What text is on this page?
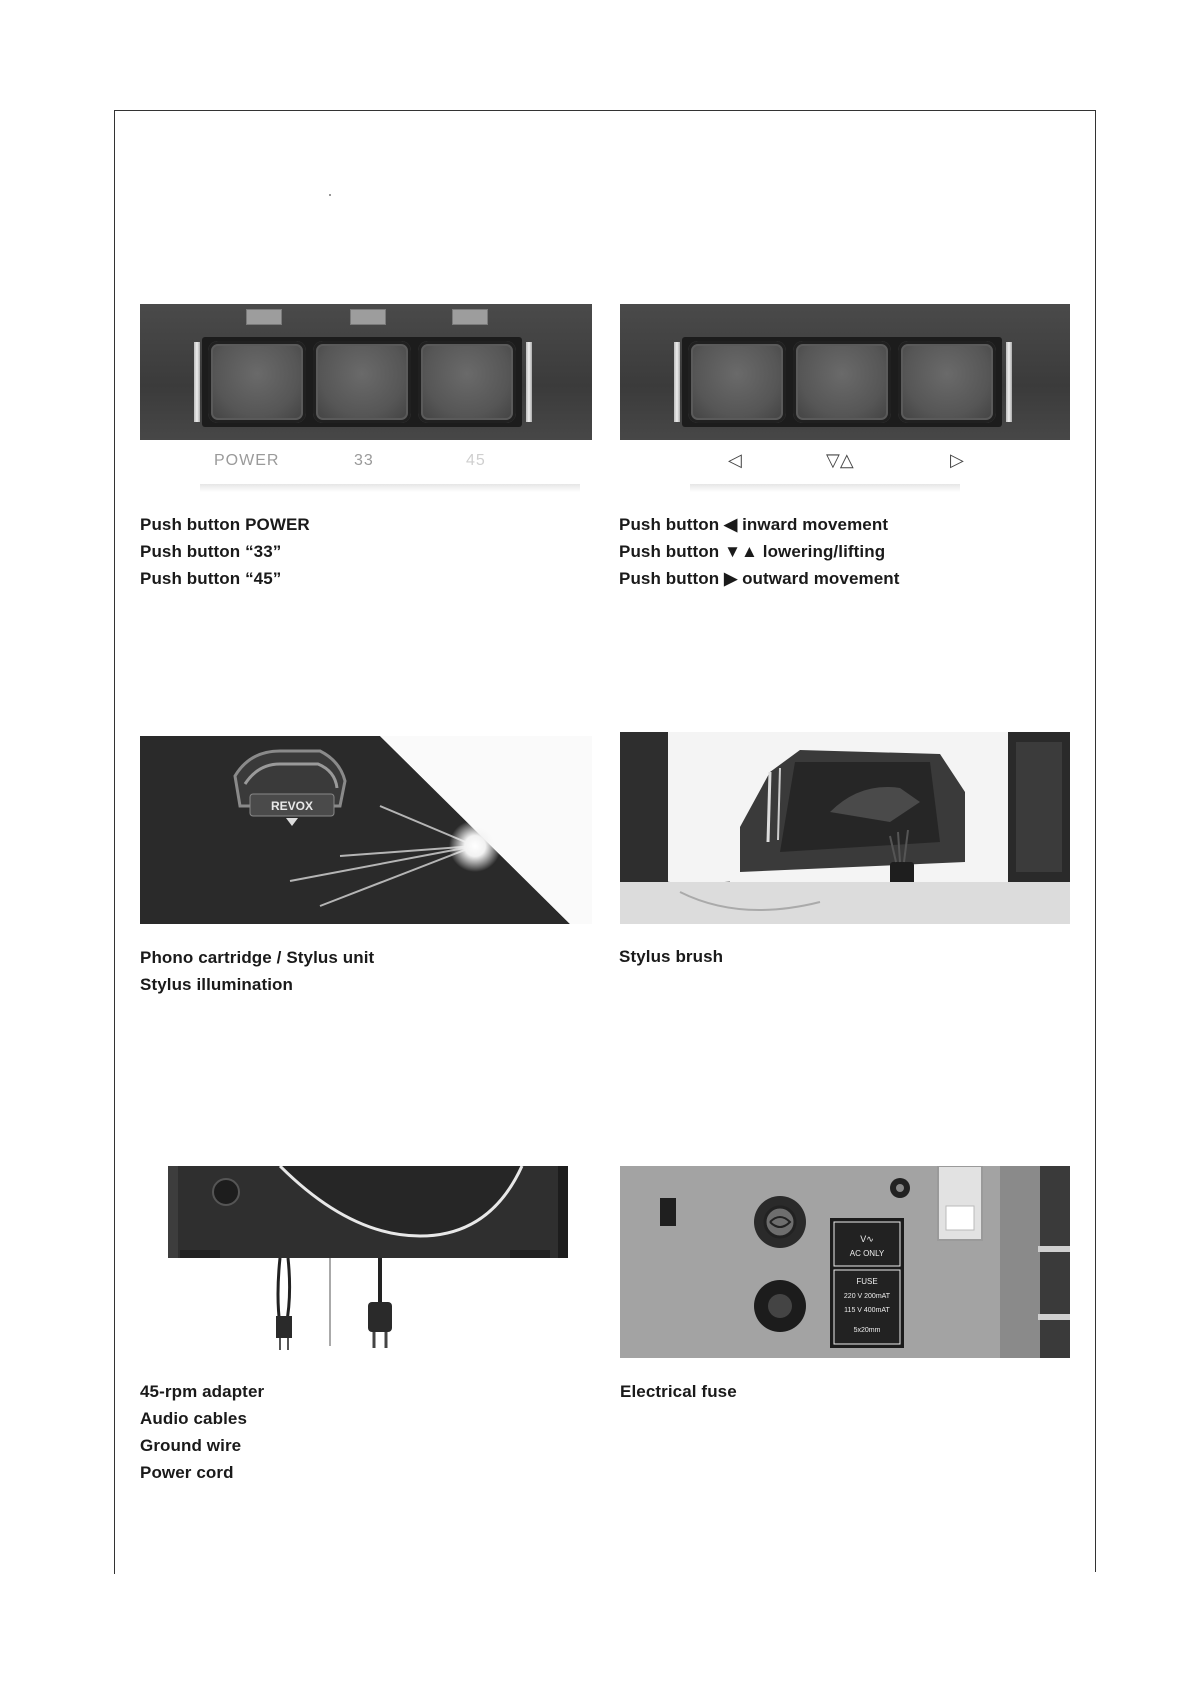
POWER	33	45	◁	▽△	▷
Push button POWER
Push button “33”
Push button “45”
Push button ◀ inward movement
Push button ▼▲ lowering/lifting
Push button ▶ outward movement
REVOX
Phono cartridge / Stylus unit
Stylus illumination
Stylus brush
V∿
AC ONLY
FUSE
220 V 200mAT
115 V 400mAT
5x20mm
45-rpm adapter
Audio cables
Ground wire
Power cord
Electrical fuse
